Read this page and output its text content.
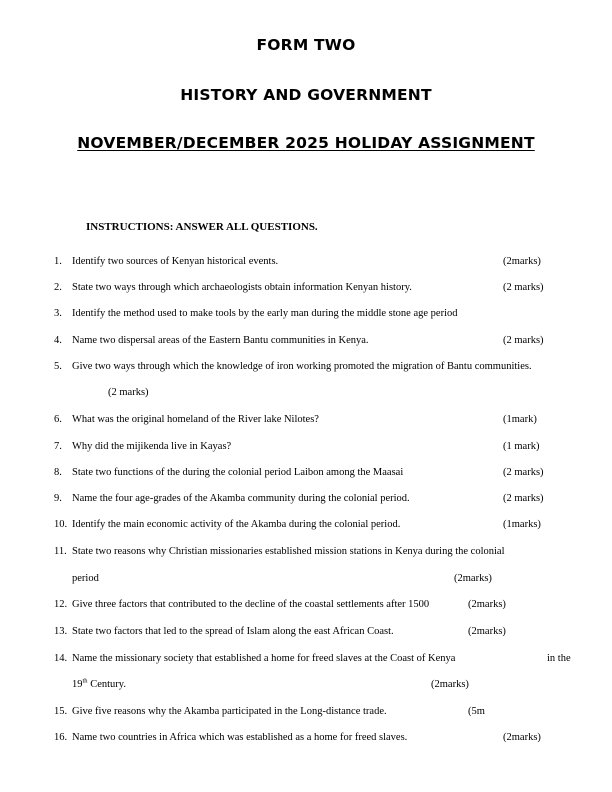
FORM TWO
HISTORY AND GOVERNMENT
NOVEMBER/DECEMBER 2025 HOLIDAY ASSIGNMENT
INSTRUCTIONS: ANSWER ALL QUESTIONS.
1. Identify two sources of Kenyan historical events.	(2marks)
2. State two ways through which archaeologists obtain information Kenyan history.	(2 marks)
3. Identify the method used to make tools by the early man during the middle stone age period
4. Name two dispersal areas of the Eastern Bantu communities in Kenya.	(2 marks)
5. Give two ways through which the knowledge of iron working promoted the migration of Bantu communities.
(2 marks)
6. What was the original homeland of the River lake Nilotes?	(1mark)
7. Why did the mijikenda live in Kayas?	(1 mark)
8. State two functions of the during the colonial period Laibon among the Maasai	(2 marks)
9. Name the four age-grades of the Akamba community during the colonial period.	(2 marks)
10. Identify the main economic activity of the Akamba during the colonial period.	(1marks)
11. State two reasons why Christian missionaries established mission stations in Kenya during the colonial
period	(2marks)
12. Give three factors that contributed to the decline of the coastal settlements after 1500	(2marks)
13. State two factors that led to the spread of Islam along the east African Coast.	(2marks)
14. Name the missionary society that established a home for freed slaves at the Coast of Kenya	in the
19th Century.	(2marks)
15. Give five reasons why the Akamba participated in the Long-distance trade.	(5m
16. Name two countries in Africa which was established as a home for freed slaves.	(2marks)
